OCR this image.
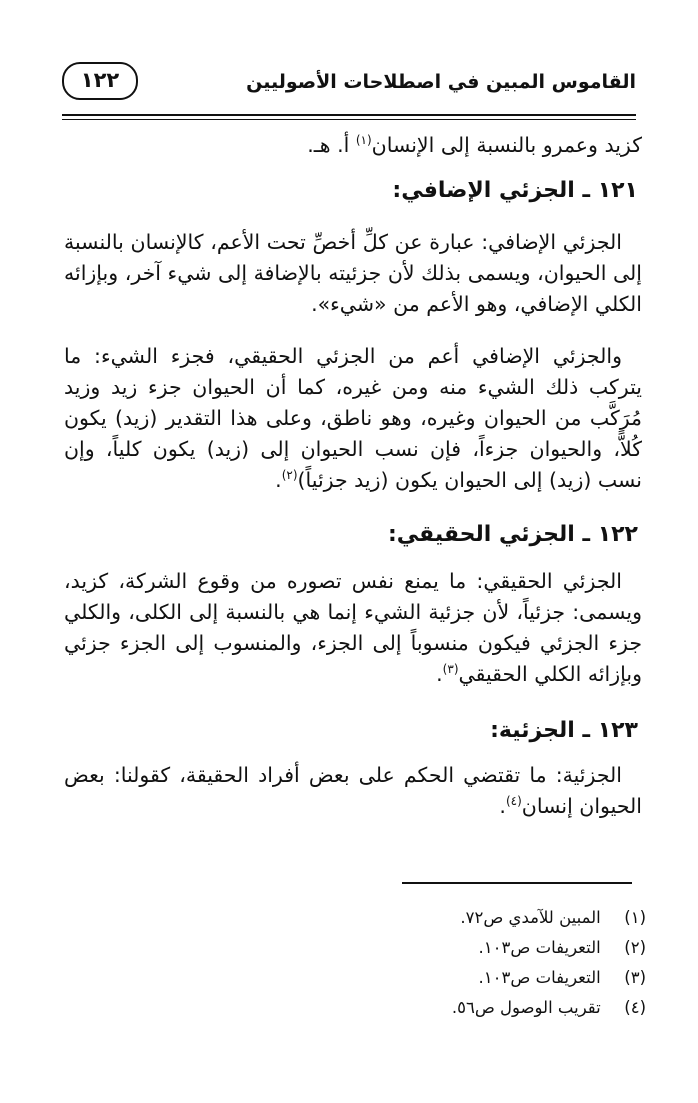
القاموس المبين في اصطلاحات الأصوليين
١٢٢

كزيد وعمرو بالنسبة إلى الإنسان$^{(١)}$ أ. هـ.

١٢١ ـ الجزئي الإضافي:

الجزئي الإضافي: عبارة عن كلِّ أخصِّ تحت الأعم، كالإنسان بالنسبة إلى الحيوان، ويسمى بذلك لأن جزئيته بالإضافة إلى شيء آخر، وبإزائه الكلي الإضافي، وهو الأعم من «شيء».

والجزئي الإضافي أعم من الجزئي الحقيقي، فجزء الشيء: ما يتركب ذلك الشيء منه ومن غيره، كما أن الحيوان جزء زيد وزيد مُرَكَّب من الحيوان وغيره، وهو ناطق، وعلى هذا التقدير (زيد) يكون كُلاًّ، والحيوان جزءاً، فإن نسب الحيوان إلى (زيد) يكون كلياً، وإن نسب (زيد) إلى الحيوان يكون (زيد جزئياً)$^{(٢)}$.

١٢٢ ـ الجزئي الحقيقي:

الجزئي الحقيقي: ما يمنع نفس تصوره من وقوع الشركة، كزيد، ويسمى: جزئياً، لأن جزئية الشيء إنما هي بالنسبة إلى الكلى، والكلي جزء الجزئي فيكون منسوباً إلى الجزء، والمنسوب إلى الجزء جزئي وبإزائه الكلي الحقيقي$^{(٣)}$.

١٢٣ ـ الجزئية:

الجزئية: ما تقتضي الحكم على بعض أفراد الحقيقة، كقولنا: بعض الحيوان إنسان$^{(٤)}$.

(١) المبين للآمدي ص٧٢.
(٢) التعريفات ص١٠٣.
(٣) التعريفات ص١٠٣.
(٤) تقريب الوصول ص٥٦.
